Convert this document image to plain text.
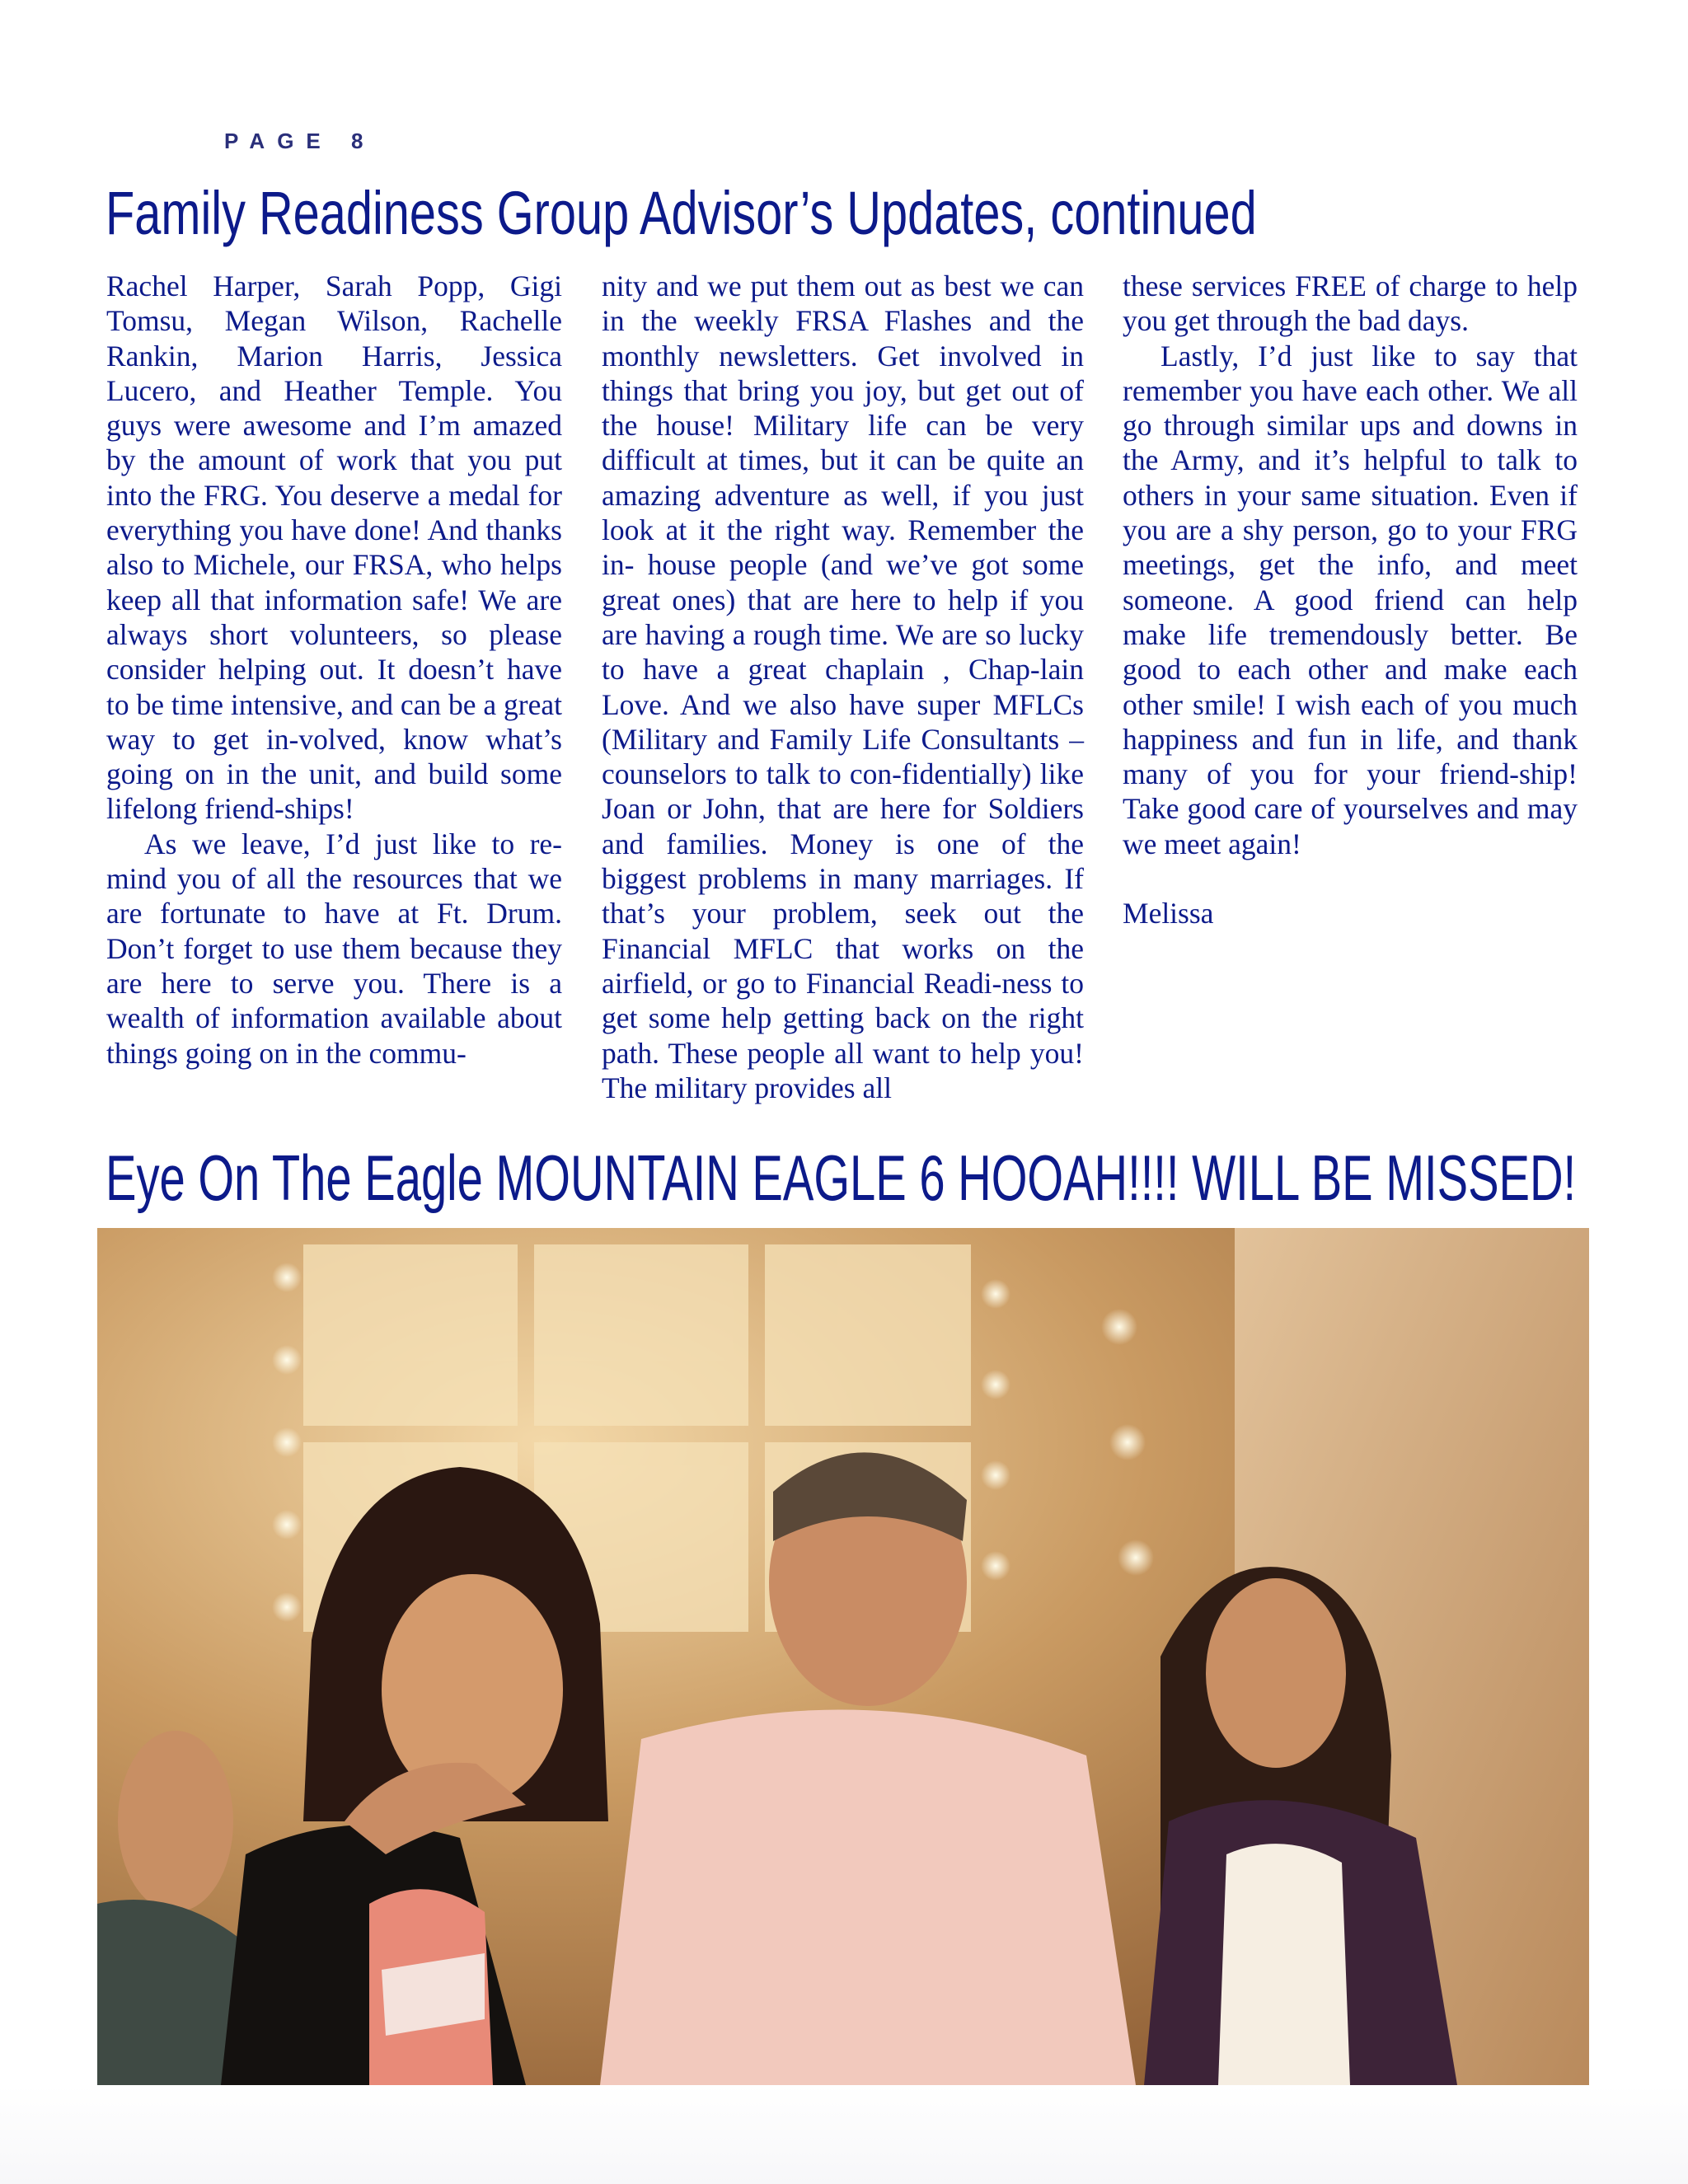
PAGE 8
Family Readiness Group Advisor’s Updates, continued

Rachel Harper, Sarah Popp, Gigi Tomsu, Megan Wilson, Rachelle Rankin, Marion Harris, Jessica Lucero, and Heather Temple. You guys were awesome and I’m amazed by the amount of work that you put into the FRG. You deserve a medal for everything you have done! And thanks also to Michele, our FRSA, who helps keep all that information safe! We are always short volunteers, so please consider helping out. It doesn’t have to be time intensive, and can be a great way to get in-volved, know what’s going on in the unit, and build some lifelong friend-ships!

As we leave, I’d just like to re-mind you of all the resources that we are fortunate to have at Ft. Drum. Don’t forget to use them because they are here to serve you. There is a wealth of information available about things going on in the commu-

nity and we put them out as best we can in the weekly FRSA Flashes and the monthly newsletters. Get involved in things that bring you joy, but get out of the house! Military life can be very difficult at times, but it can be quite an amazing adventure as well, if you just look at it the right way. Remember the in- house people (and we’ve got some great ones) that are here to help if you are having a rough time. We are so lucky to have a great chaplain , Chap-lain Love. And we also have super MFLCs (Military and Family Life Consultants – counselors to talk to con-fidentially) like Joan or John, that are here for Soldiers and families. Money is one of the biggest problems in many marriages. If that’s your problem, seek out the Financial MFLC that works on the airfield, or go to Financial Readi-ness to get some help getting back on the right path. These people all want to help you! The military provides all

these services FREE of charge to help you get through the bad days.

Lastly, I’d just like to say that remember you have each other. We all go through similar ups and downs in the Army, and it’s helpful to talk to others in your same situation. Even if you are a shy person, go to your FRG meetings, get the info, and meet someone. A good friend can help make life tremendously better. Be good to each other and make each other smile! I wish each of you much happiness and fun in life, and thank many of you for your friend-ship! Take good care of yourselves and may we meet again!

Melissa

Eye On The Eagle MOUNTAIN EAGLE 6 HOOAH!!!! WILL BE MISSED!
